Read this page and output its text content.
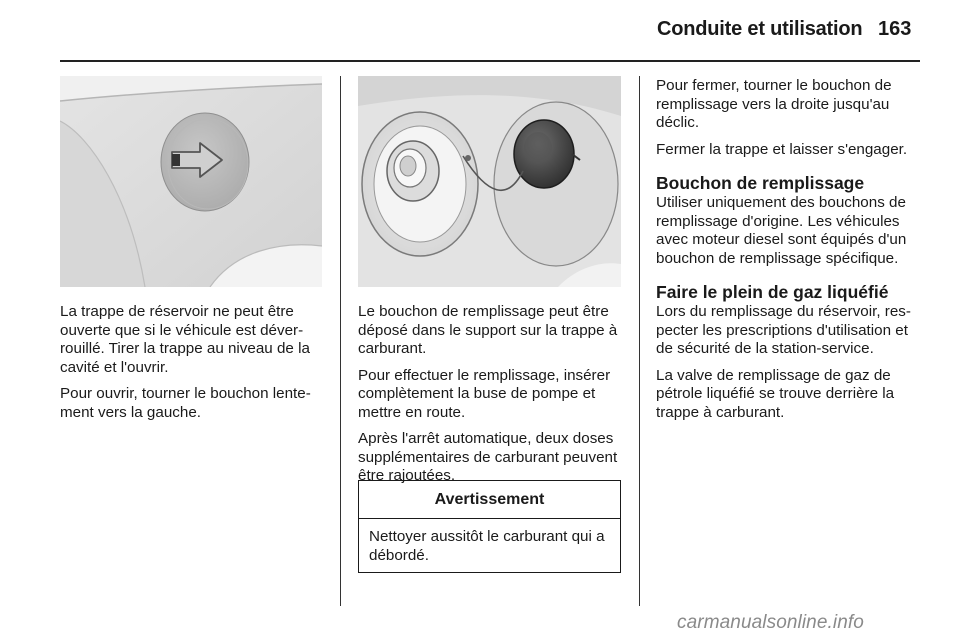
Conduite et utilisation 163

La trappe de réservoir ne peut être ouverte que si le véhicule est déverrouillé. Tirer la trappe au niveau de la cavité et l'ouvrir.

Pour ouvrir, tourner le bouchon lentement vers la gauche.

Le bouchon de remplissage peut être déposé dans le support sur la trappe à carburant.

Pour effectuer le remplissage, insérer complètement la buse de pompe et mettre en route.

Après l'arrêt automatique, deux doses supplémentaires de carburant peuvent être rajoutées.

Avertissement
Nettoyer aussitôt le carburant qui a débordé.

Pour fermer, tourner le bouchon de remplissage vers la droite jusqu'au déclic.

Fermer la trappe et laisser s'engager.

Bouchon de remplissage

Utiliser uniquement des bouchons de remplissage d'origine. Les véhicules avec moteur diesel sont équipés d'un bouchon de remplissage spécifique.

Faire le plein de gaz liquéfié

Lors du remplissage du réservoir, respecter les prescriptions d'utilisation et de sécurité de la station-service.

La valve de remplissage de gaz de pétrole liquéfié se trouve derrière la trappe à carburant.

carmanualsonline.info
